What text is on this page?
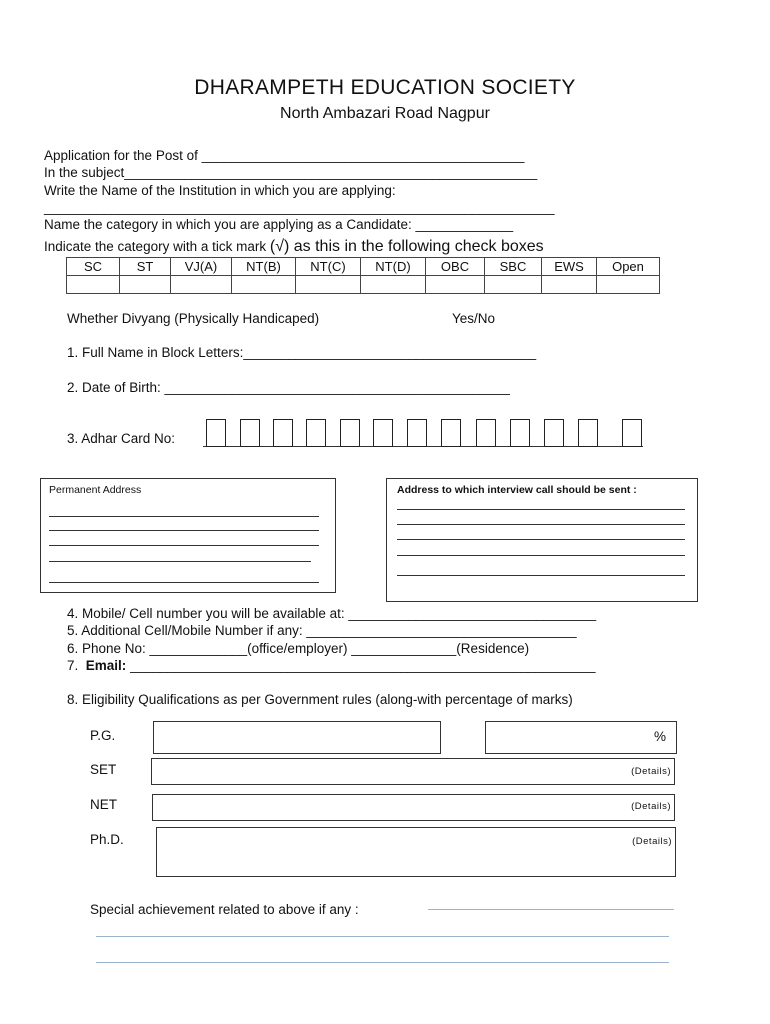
DHARAMPETH EDUCATION SOCIETY
North Ambazari Road Nagpur
Application for the Post of ___________________________________________
In the subject_______________________________________________________
Write the Name of the Institution in which you are applying:
____________________________________________________________________
Name the category in which you are applying as a Candidate: _____________
Indicate the category with a tick mark (√) as this in the following check boxes
SC	ST	VJ(A)	NT(B)	NT(C)	NT(D)	OBC	SBC	EWS	Open

Whether Divyang (Physically Handicaped)	Yes/No
1. Full Name in Block Letters:_______________________________________
2. Date of Birth: ______________________________________________
3. Adhar Card No:
Permanent Address	Address to which interview call should be sent :
4. Mobile/ Cell number you will be available at: _________________________________
5. Additional Cell/Mobile Number if any: ____________________________________
6. Phone No: _____________(office/employer) ______________(Residence)
7. Email: ______________________________________________________________
8. Eligibility Qualifications as per Government rules (along-with percentage of marks)
P.G.	%
SET	(Details)
NET	(Details)
Ph.D.	(Details)
Special achievement related to above if any :
